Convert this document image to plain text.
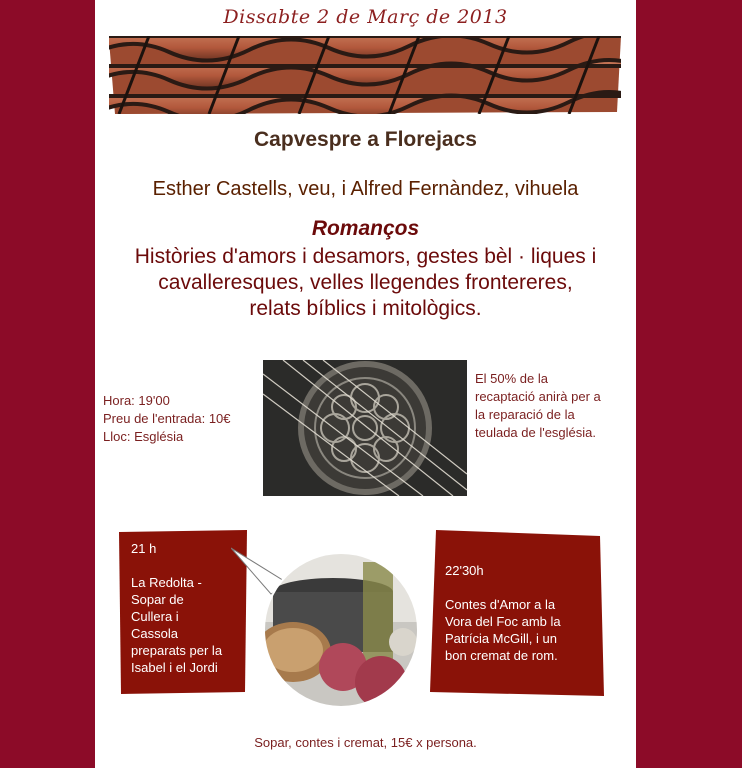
Dissabte 2 de Març de 2013
Capvespre a Florejacs
Esther Castells, veu, i Alfred Fernàndez, vihuela
Romanços
Històries d'amors i desamors, gestes bèl · liques i
cavalleresques, velles llegendes frontereres,
relats bíblics i mitològics.
Hora: 19'00
Preu de l'entrada: 10€
Lloc: Església
El 50% de la
recaptació anirà per a
la reparació de la
teulada de l'església.
21 h
La Redolta -
Sopar de
Cullera i
Cassola
preparats per la
Isabel i el Jordi
22'30h
Contes d'Amor a la
Vora del Foc amb la
Patrícia McGill, i un
bon cremat de rom.
Sopar, contes i cremat, 15€ x persona.
